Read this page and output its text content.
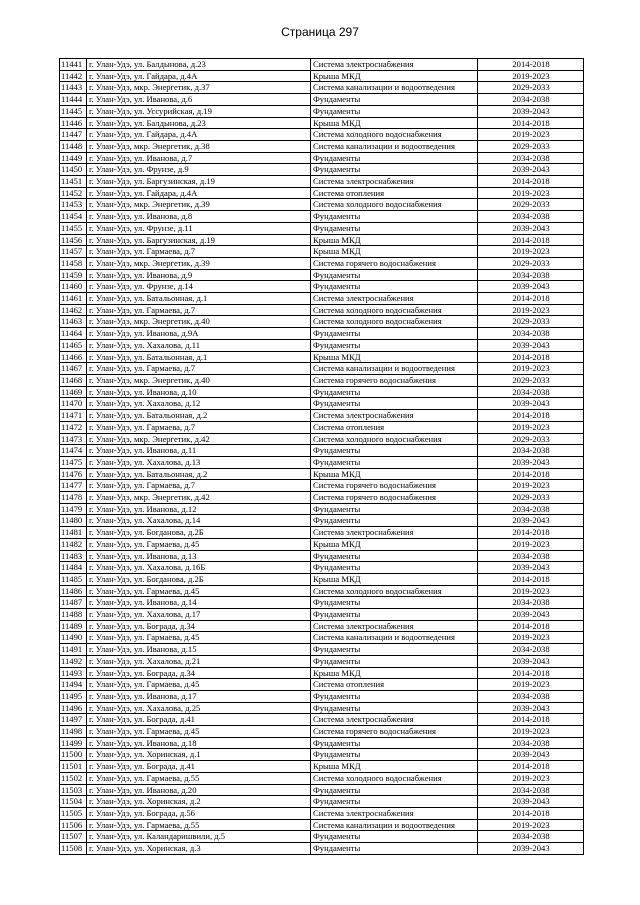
Страница 297
11441	г. Улан-Удэ, ул. Балдынова, д.23	Система электроснабжения	2014-2018
11442	г. Улан-Удэ, ул. Гайдара, д.4А	Крыша МКД	2019-2023
11443	г. Улан-Удэ, мкр. Энергетик, д.37	Система канализации и водоотведения	2029-2033
11444	г. Улан-Удэ, ул. Иванова, д.6	Фундаменты	2034-2038
11445	г. Улан-Удэ, ул. Уссурийская, д.19	Фундаменты	2039-2043
11446	г. Улан-Удэ, ул. Балдынова, д.23	Крыша МКД	2014-2018
11447	г. Улан-Удэ, ул. Гайдара, д.4А	Система холодного водоснабжения	2019-2023
11448	г. Улан-Удэ, мкр. Энергетик, д.38	Система канализации и водоотведения	2029-2033
11449	г. Улан-Удэ, ул. Иванова, д.7	Фундаменты	2034-2038
11450	г. Улан-Удэ, ул. Фрунзе, д.9	Фундаменты	2039-2043
11451	г. Улан-Удэ, ул. Баргузинская, д.19	Система электроснабжения	2014-2018
11452	г. Улан-Удэ, ул. Гайдара, д.4А	Система отопления	2019-2023
11453	г. Улан-Удэ, мкр. Энергетик, д.39	Система холодного водоснабжения	2029-2033
11454	г. Улан-Удэ, ул. Иванова, д.8	Фундаменты	2034-2038
11455	г. Улан-Удэ, ул. Фрунзе, д.11	Фундаменты	2039-2043
11456	г. Улан-Удэ, ул. Баргузинская, д.19	Крыша МКД	2014-2018
11457	г. Улан-Удэ, ул. Гармаева, д.7	Крыша МКД	2019-2023
11458	г. Улан-Удэ, мкр. Энергетик, д.39	Система горячего водоснабжения	2029-2033
11459	г. Улан-Удэ, ул. Иванова, д.9	Фундаменты	2034-2038
11460	г. Улан-Удэ, ул. Фрунзе, д.14	Фундаменты	2039-2043
11461	г. Улан-Удэ, ул. Батальонная, д.1	Система электроснабжения	2014-2018
11462	г. Улан-Удэ, ул. Гармаева, д.7	Система холодного водоснабжения	2019-2023
11463	г. Улан-Удэ, мкр. Энергетик, д.40	Система холодного водоснабжения	2029-2033
11464	г. Улан-Удэ, ул. Иванова, д.9А	Фундаменты	2034-2038
11465	г. Улан-Удэ, ул. Хахалова, д.11	Фундаменты	2039-2043
11466	г. Улан-Удэ, ул. Батальонная, д.1	Крыша МКД	2014-2018
11467	г. Улан-Удэ, ул. Гармаева, д.7	Система канализации и водоотведения	2019-2023
11468	г. Улан-Удэ, мкр. Энергетик, д.40	Система горячего водоснабжения	2029-2033
11469	г. Улан-Удэ, ул. Иванова, д.10	Фундаменты	2034-2038
11470	г. Улан-Удэ, ул. Хахалова, д.12	Фундаменты	2039-2043
11471	г. Улан-Удэ, ул. Батальонная, д.2	Система электроснабжения	2014-2018
11472	г. Улан-Удэ, ул. Гармаева, д.7	Система отопления	2019-2023
11473	г. Улан-Удэ, мкр. Энергетик, д.42	Система холодного водоснабжения	2029-2033
11474	г. Улан-Удэ, ул. Иванова, д.11	Фундаменты	2034-2038
11475	г. Улан-Удэ, ул. Хахалова, д.13	Фундаменты	2039-2043
11476	г. Улан-Удэ, ул. Батальонная, д.2	Крыша МКД	2014-2018
11477	г. Улан-Удэ, ул. Гармаева, д.7	Система горячего водоснабжения	2019-2023
11478	г. Улан-Удэ, мкр. Энергетик, д.42	Система горячего водоснабжения	2029-2033
11479	г. Улан-Удэ, ул. Иванова, д.12	Фундаменты	2034-2038
11480	г. Улан-Удэ, ул. Хахалова, д.14	Фундаменты	2039-2043
11481	г. Улан-Удэ, ул. Богданова, д.2Б	Система электроснабжения	2014-2018
11482	г. Улан-Удэ, ул. Гармаева, д.45	Крыша МКД	2019-2023
11483	г. Улан-Удэ, ул. Иванова, д.13	Фундаменты	2034-2038
11484	г. Улан-Удэ, ул. Хахалова, д.16Б	Фундаменты	2039-2043
11485	г. Улан-Удэ, ул. Богданова, д.2Б	Крыша МКД	2014-2018
11486	г. Улан-Удэ, ул. Гармаева, д.45	Система холодного водоснабжения	2019-2023
11487	г. Улан-Удэ, ул. Иванова, д.14	Фундаменты	2034-2038
11488	г. Улан-Удэ, ул. Хахалова, д.17	Фундаменты	2039-2043
11489	г. Улан-Удэ, ул. Бограда, д.34	Система электроснабжения	2014-2018
11490	г. Улан-Удэ, ул. Гармаева, д.45	Система канализации и водоотведения	2019-2023
11491	г. Улан-Удэ, ул. Иванова, д.15	Фундаменты	2034-2038
11492	г. Улан-Удэ, ул. Хахалова, д.21	Фундаменты	2039-2043
11493	г. Улан-Удэ, ул. Бограда, д.34	Крыша МКД	2014-2018
11494	г. Улан-Удэ, ул. Гармаева, д.45	Система отопления	2019-2023
11495	г. Улан-Удэ, ул. Иванова, д.17	Фундаменты	2034-2038
11496	г. Улан-Удэ, ул. Хахалова, д.25	Фундаменты	2039-2043
11497	г. Улан-Удэ, ул. Бограда, д.41	Система электроснабжения	2014-2018
11498	г. Улан-Удэ, ул. Гармаева, д.45	Система горячего водоснабжения	2019-2023
11499	г. Улан-Удэ, ул. Иванова, д.18	Фундаменты	2034-2038
11500	г. Улан-Удэ, ул. Хоринская, д.1	Фундаменты	2039-2043
11501	г. Улан-Удэ, ул. Бограда, д.41	Крыша МКД	2014-2018
11502	г. Улан-Удэ, ул. Гармаева, д.55	Система холодного водоснабжения	2019-2023
11503	г. Улан-Удэ, ул. Иванова, д.20	Фундаменты	2034-2038
11504	г. Улан-Удэ, ул. Хоринская, д.2	Фундаменты	2039-2043
11505	г. Улан-Удэ, ул. Бограда, д.56	Система электроснабжения	2014-2018
11506	г. Улан-Удэ, ул. Гармаева, д.55	Система канализации и водоотведения	2019-2023
11507	г. Улан-Удэ, ул. Каландаришвили, д.5	Фундаменты	2034-2038
11508	г. Улан-Удэ, ул. Хоринская, д.3	Фундаменты	2039-2043
